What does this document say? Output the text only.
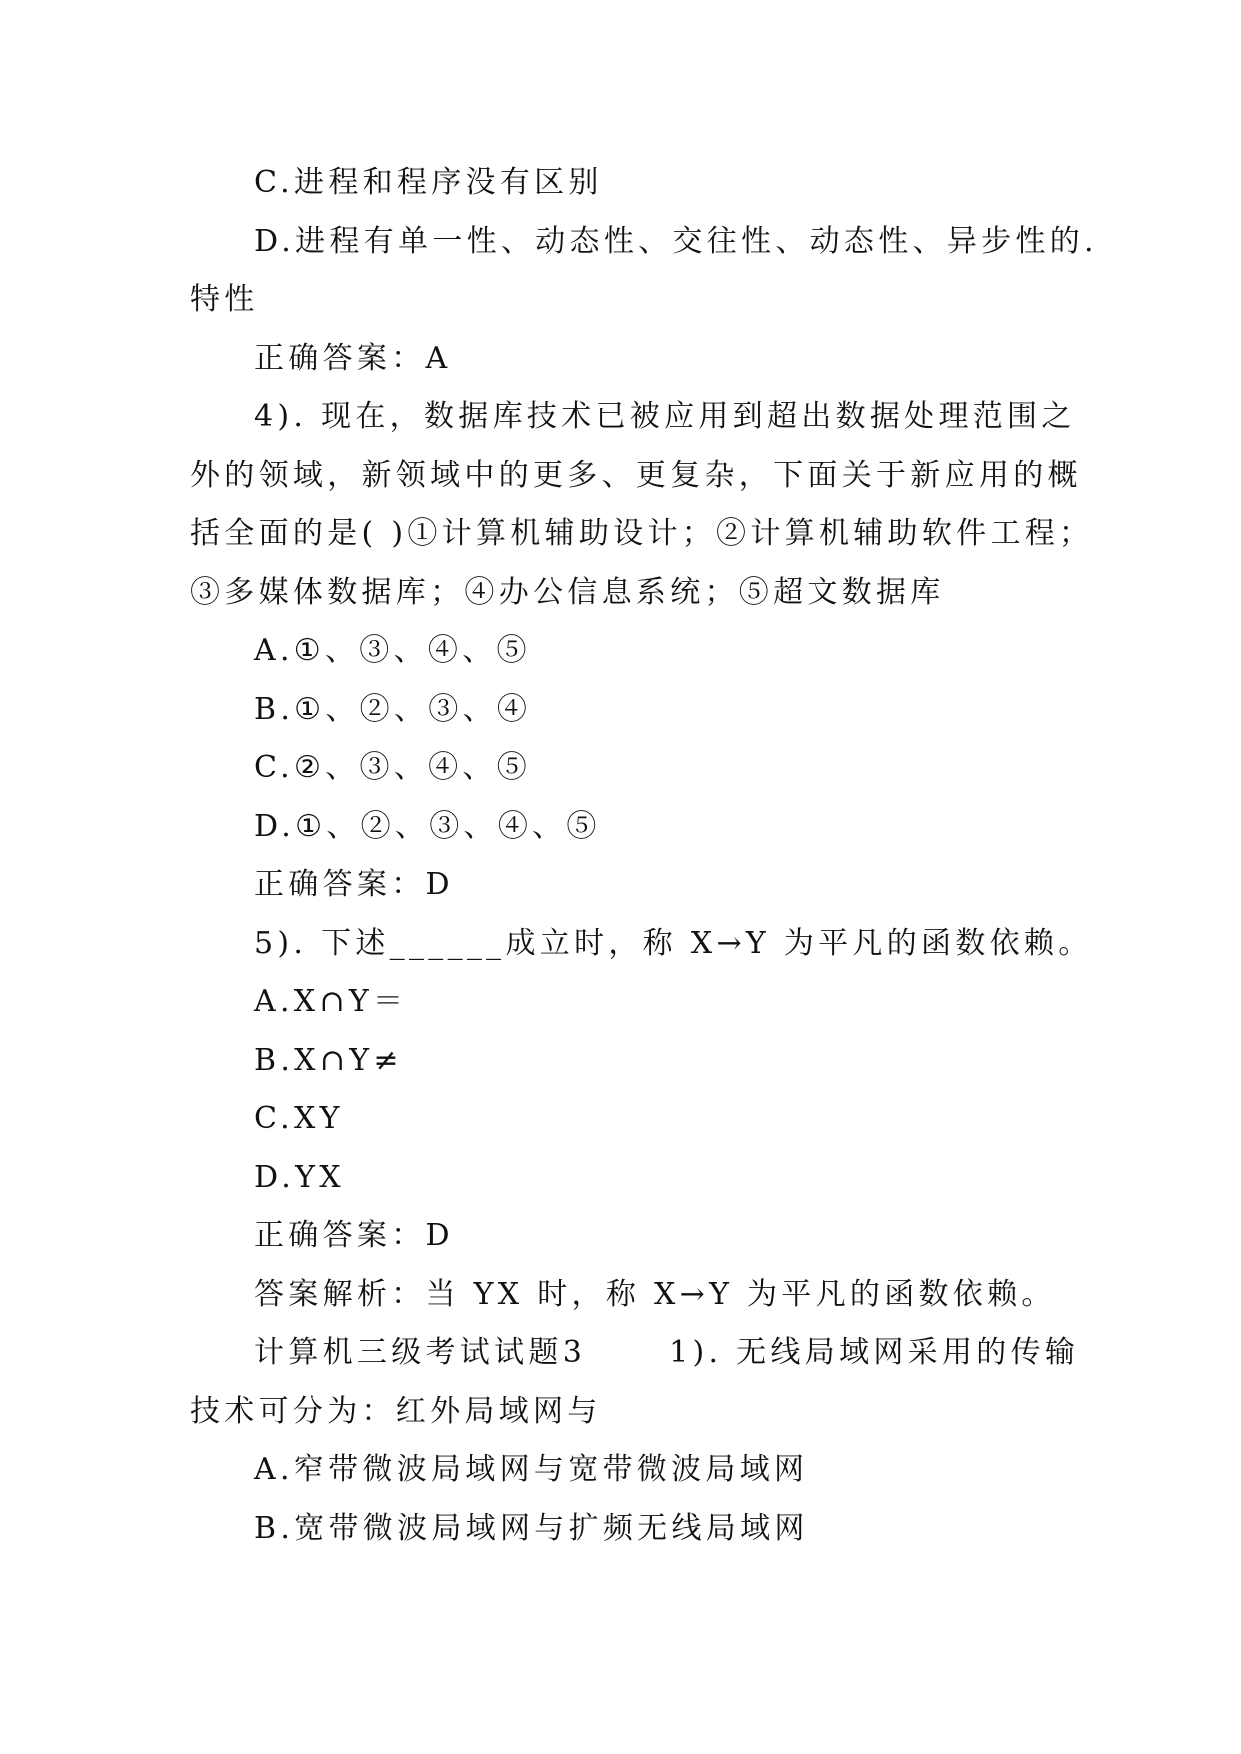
C.进程和程序没有区别

D.进程有单一性、动态性、交往性、动态性、异步性的.

特性

正确答案：A

4). 现在，数据库技术已被应用到超出数据处理范围之

外的领域，新领域中的更多、更复杂，下面关于新应用的概

括全面的是( )①计算机辅助设计；②计算机辅助软件工程；

③多媒体数据库；④办公信息系统；⑤超文数据库

A.①、③、④、⑤

B.①、②、③、④

C.②、③、④、⑤

D.①、②、③、④、⑤

正确答案：D

5). 下述______成立时，称 X→Y 为平凡的函数依赖。

A.X∩Y＝

B.X∩Y≠

C.XY

D.YX

正确答案：D

答案解析：当 YX 时，称 X→Y 为平凡的函数依赖。

计算机三级考试试题3      1). 无线局域网采用的传输

技术可分为：红外局域网与

A.窄带微波局域网与宽带微波局域网

B.宽带微波局域网与扩频无线局域网
